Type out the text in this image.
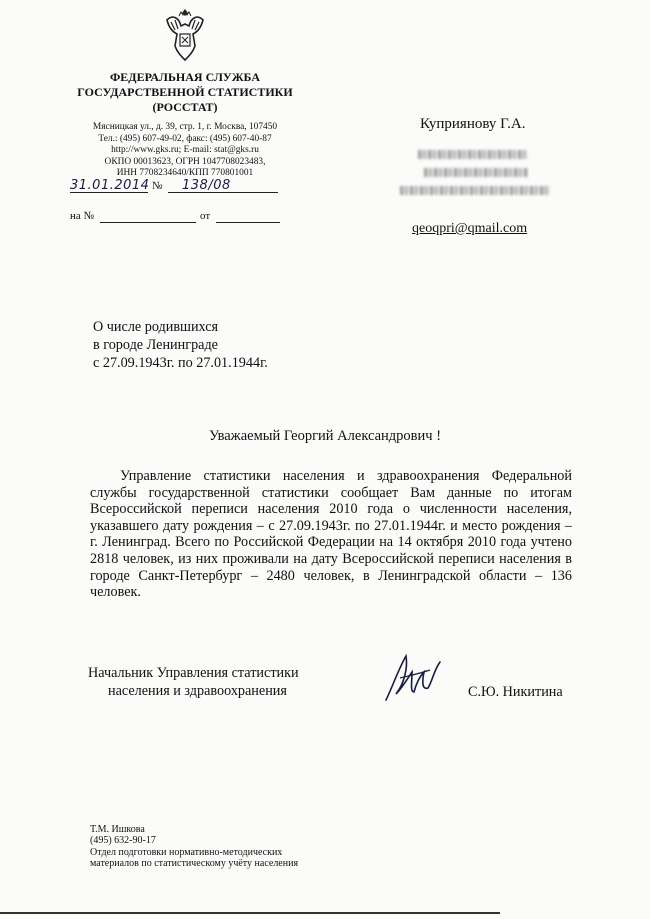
ФЕДЕРАЛЬНАЯ СЛУЖБА
ГОСУДАРСТВЕННОЙ СТАТИСТИКИ
(РОССТАТ)
Мясницкая ул., д. 39, стр. 1, г. Москва, 107450
Тел.: (495) 607-49-02, факс: (495) 607-40-87
http://www.gks.ru; E-mail: stat@gks.ru
ОКПО 00013623, ОГРН 1047708023483,
ИНН 7708234640/КПП 770801001
31.01.2014 № 138/08
на №	от
Куприянову Г.А.
qeoqpri@qmail.com
О числе родившихся
в городе Ленинграде
с 27.09.1943г. по 27.01.1944г.
Уважаемый Георгий Александрович !

Управление статистики населения и здравоохранения Федеральной службы государственной статистики сообщает Вам данные по итогам Всероссийской переписи населения 2010 года о численности населения, указавшего дату рождения – с 27.09.1943г. по 27.01.1944г. и место рождения – г. Ленинград. Всего по Российской Федерации на 14 октября 2010 года учтено 2818 человек, из них проживали на дату Всероссийской переписи населения в городе Санкт-Петербург – 2480 человек, в Ленинградской области – 136 человек.

Начальник Управления статистики
населения и здравоохранения	С.Ю. Никитина
Т.М. Ишкова
(495) 632-90-17
Отдел подготовки нормативно-методических
материалов по статистическому учёту населения
